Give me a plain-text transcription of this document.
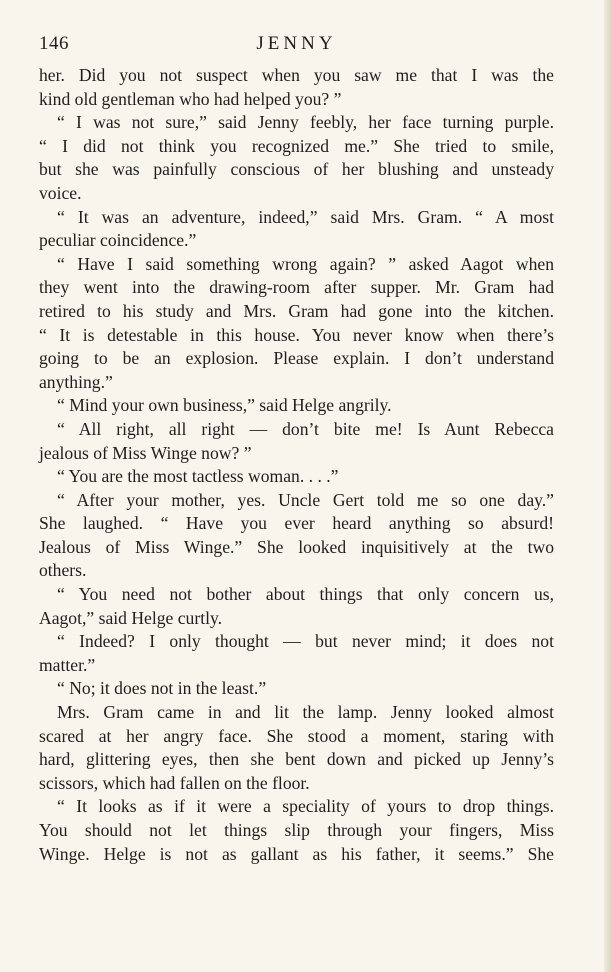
146	JENNY
her. Did you not suspect when you saw me that I was the
kind old gentleman who had helped you? ”
“ I was not sure,” said Jenny feebly, her face turning purple.
“ I did not think you recognized me.” She tried to smile,
but she was painfully conscious of her blushing and unsteady
voice.
“ It was an adventure, indeed,” said Mrs. Gram. “ A most
peculiar coincidence.”
“ Have I said something wrong again? ” asked Aagot when
they went into the drawing-room after supper. Mr. Gram had
retired to his study and Mrs. Gram had gone into the kitchen.
“ It is detestable in this house. You never know when there’s
going to be an explosion. Please explain. I don’t understand
anything.”
“ Mind your own business,” said Helge angrily.
“ All right, all right — don’t bite me! Is Aunt Rebecca
jealous of Miss Winge now? ”
“ You are the most tactless woman. . . .”
“ After your mother, yes. Uncle Gert told me so one day.”
She laughed. “ Have you ever heard anything so absurd!
Jealous of Miss Winge.” She looked inquisitively at the two
others.
“ You need not bother about things that only concern us,
Aagot,” said Helge curtly.
“ Indeed? I only thought — but never mind; it does not
matter.”
“ No; it does not in the least.”
Mrs. Gram came in and lit the lamp. Jenny looked almost
scared at her angry face. She stood a moment, staring with
hard, glittering eyes, then she bent down and picked up Jenny’s
scissors, which had fallen on the floor.
“ It looks as if it were a speciality of yours to drop things.
You should not let things slip through your fingers, Miss
Winge. Helge is not as gallant as his father, it seems.” She
